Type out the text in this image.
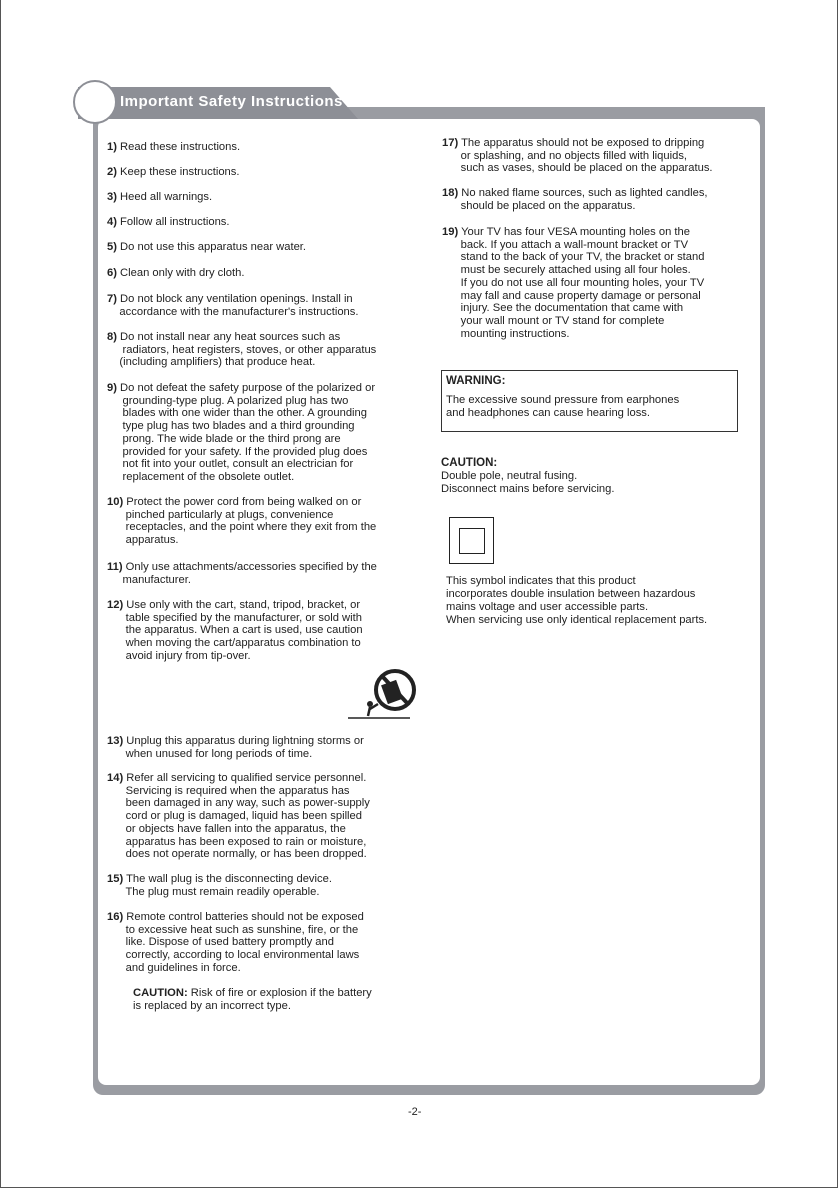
Important Safety Instructions
1) Read these instructions.
2) Keep these instructions.
3) Heed all warnings.
4) Follow all instructions.
5) Do not use this apparatus near water.
6) Clean only with dry cloth.
7) Do not block any ventilation openings. Install in
accordance with the manufacturer's instructions.
8) Do not install near any heat sources such as
radiators, heat registers, stoves, or other apparatus
(including amplifiers) that produce heat.
9) Do not defeat the safety purpose of the polarized or
grounding-type plug. A polarized plug has two
blades with one wider than the other. A grounding
type plug has two blades and a third grounding
prong. The wide blade or the third prong are
provided for your safety. If the provided plug does
not fit into your outlet, consult an electrician for
replacement of the obsolete outlet.
10) Protect the power cord from being walked on or
pinched particularly at plugs, convenience
receptacles, and the point where they exit from the
apparatus.
11) Only use attachments/accessories specified by the
manufacturer.
12) Use only with the cart, stand, tripod, bracket, or
table specified by the manufacturer, or sold with
the apparatus. When a cart is used, use caution
when moving the cart/apparatus combination to
avoid injury from tip-over.
13) Unplug this apparatus during lightning storms or
when unused for long periods of time.
14) Refer all servicing to qualified service personnel.
Servicing is required when the apparatus has
been damaged in any way, such as power-supply
cord or plug is damaged, liquid has been spilled
or objects have fallen into the apparatus, the
apparatus has been exposed to rain or moisture,
does not operate normally, or has been dropped.
15) The wall plug is the disconnecting device.
The plug must remain readily operable.
16) Remote control batteries should not be exposed
to excessive heat such as sunshine, fire, or the
like. Dispose of used battery promptly and
correctly, according to local environmental laws
and guidelines in force.
CAUTION: Risk of fire or explosion if the battery
is replaced by an incorrect type.
17) The apparatus should not be exposed to dripping
or splashing, and no objects filled with liquids,
such as vases, should be placed on the apparatus.
18) No naked flame sources, such as lighted candles,
should be placed on the apparatus.
19) Your TV has four VESA mounting holes on the
back. If you attach a wall-mount bracket or TV
stand to the back of your TV, the bracket or stand
must be securely attached using all four holes.
If you do not use all four mounting holes, your TV
may fall and cause property damage or personal
injury. See the documentation that came with
your wall mount or TV stand for complete
mounting instructions.
WARNING:
The excessive sound pressure from earphones
and headphones can cause hearing loss.
CAUTION:
Double pole, neutral fusing.
Disconnect mains before servicing.
This symbol indicates that this product
incorporates double insulation between hazardous
mains voltage and user accessible parts.
When servicing use only identical replacement parts.
-2-
